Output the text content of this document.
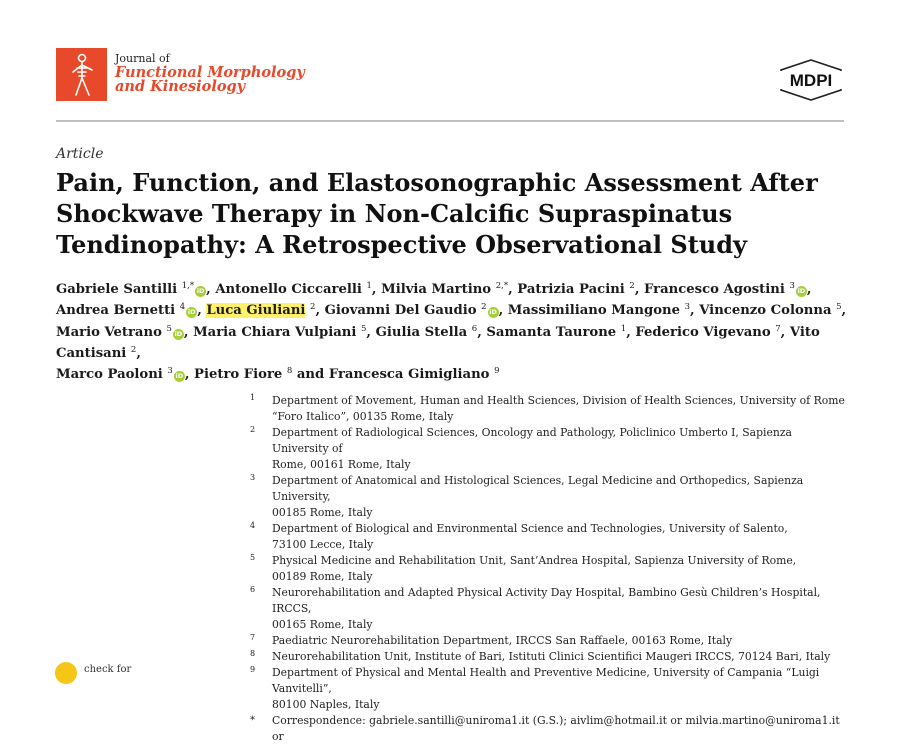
Journal of
Functional Morphology
and Kinesiology	MDPI
Article
Pain, Function, and Elastosonographic Assessment After Shockwave Therapy in Non-Calcific Supraspinatus Tendinopathy: A Retrospective Observational Study
Gabriele Santilli $^{1,*}$ iD , Antonello Ciccarelli $^1$, Milvia Martino $^{2,*}$, Patrizia Pacini $^2$, Francesco Agostini $^3$ iD ,
Andrea Bernetti $^4$ iD , Luca Giuliani $^2$, Giovanni Del Gaudio $^2$ iD , Massimiliano Mangone $^3$, Vincenzo Colonna $^5$,
Mario Vetrano $^5$ iD , Maria Chiara Vulpiani $^5$, Giulia Stella $^6$, Samanta Taurone $^1$, Federico Vigevano $^7$, Vito Cantisani $^2$,
Marco Paoloni $^3$ iD , Pietro Fiore $^8$ and Francesca Gimigliano $^9$
1 Department of Movement, Human and Health Sciences, Division of Health Sciences, University of Rome
“Foro Italico”, 00135 Rome, Italy
2 Department of Radiological Sciences, Oncology and Pathology, Policlinico Umberto I, Sapienza University of
Rome, 00161 Rome, Italy
3 Department of Anatomical and Histological Sciences, Legal Medicine and Orthopedics, Sapienza University,
00185 Rome, Italy
4 Department of Biological and Environmental Science and Technologies, University of Salento,
73100 Lecce, Italy
5 Physical Medicine and Rehabilitation Unit, Sant’Andrea Hospital, Sapienza University of Rome,
00189 Rome, Italy
6 Neurorehabilitation and Adapted Physical Activity Day Hospital, Bambino Gesù Children’s Hospital, IRCCS,
00165 Rome, Italy
7 Paediatric Neurorehabilitation Department, IRCCS San Raffaele, 00163 Rome, Italy
8 Neurorehabilitation Unit, Institute of Bari, Istituti Clinici Scientifici Maugeri IRCCS, 70124 Bari, Italy
9 Department of Physical and Mental Health and Preventive Medicine, University of Campania “Luigi Vanvitelli”,
80100 Naples, Italy
* Correspondence: gabriele.santilli@uniroma1.it (G.S.); aivlim@hotmail.it or milvia.martino@uniroma1.it or
check for
